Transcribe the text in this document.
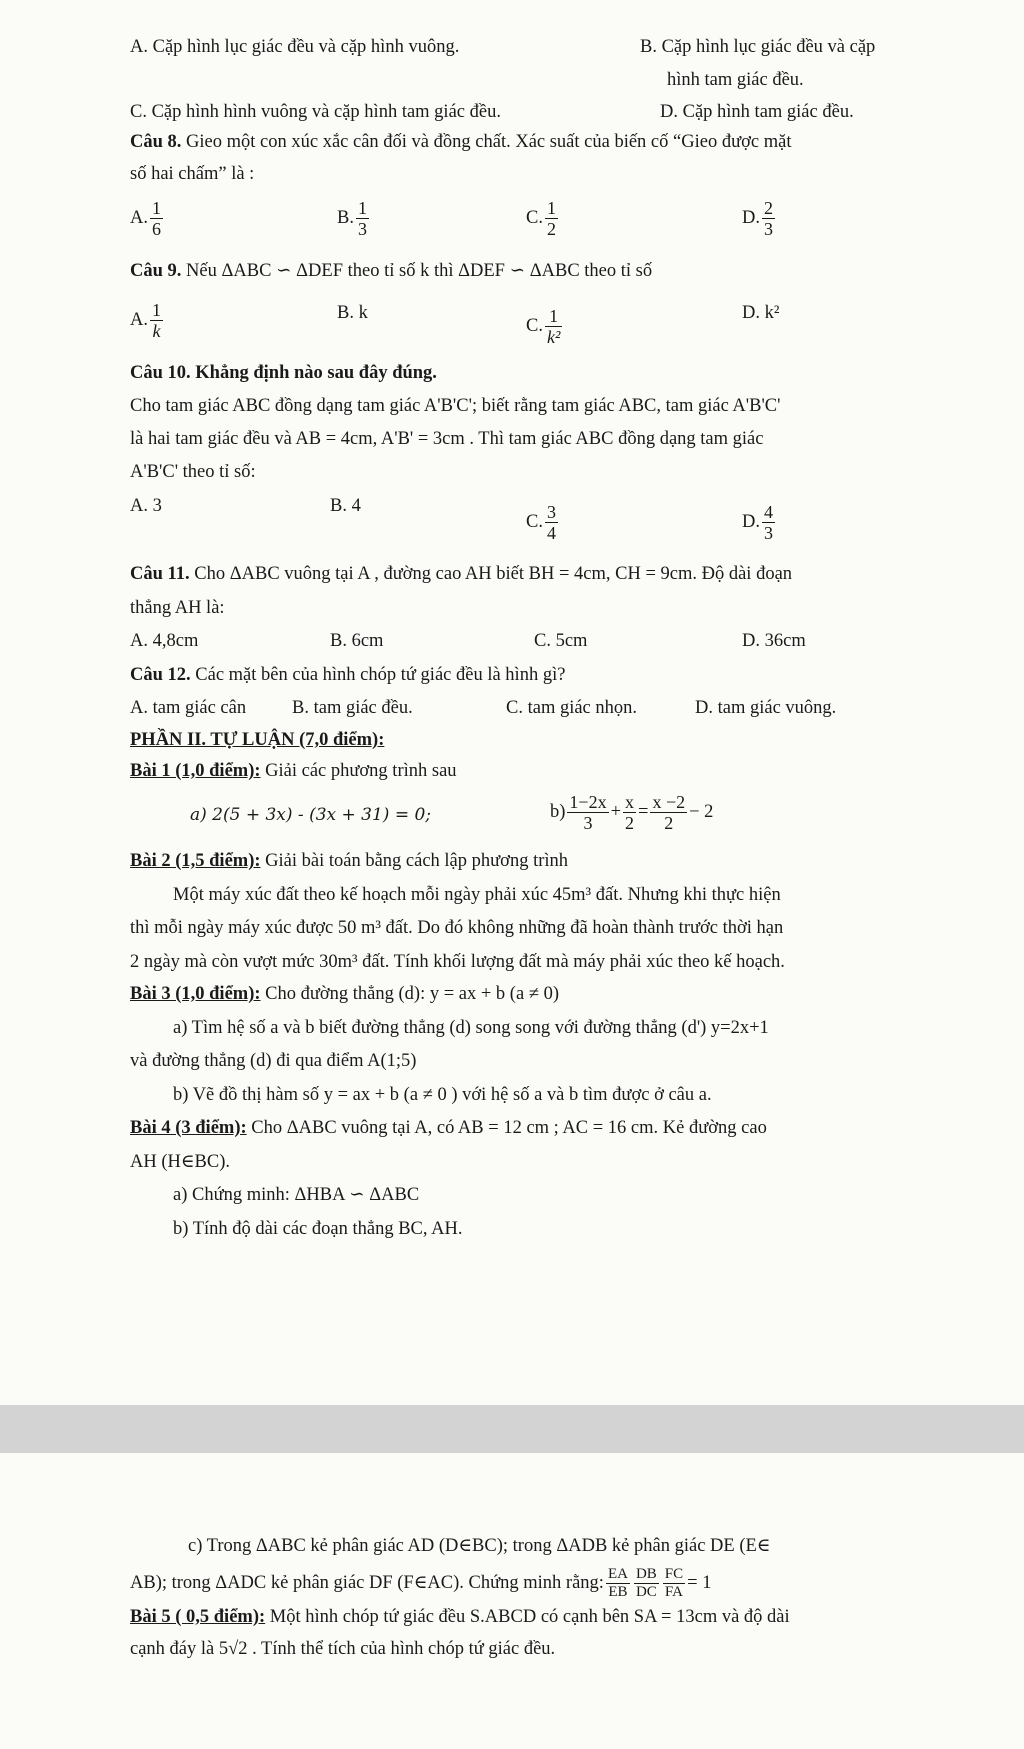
A. Cặp hình lục giác đều và cặp hình vuông.	B. Cặp hình lục giác đều và cặp
hình tam giác đều.
C. Cặp hình hình vuông và cặp hình tam giác đều.	D. Cặp hình tam giác đều.
Câu 8. Gieo một con xúc xắc cân đối và đồng chất. Xác suất của biến cố “Gieo được mặt
số hai chấm” là :
A. $\frac{1}{6}$	B. $\frac{1}{3}$	C. $\frac{1}{2}$	D. $\frac{2}{3}$
Câu 9. Nếu ΔABC ∽ ΔDEF theo tỉ số k thì ΔDEF ∽ ΔABC theo tỉ số
A. $\frac{1}{k}$	B. k
C. $\frac{1}{\text{k²}}$	D. k²
Câu 10. Khẳng định nào sau đây đúng.
Cho tam giác ABC đồng dạng tam giác A'B'C'; biết rằng tam giác ABC, tam giác A'B'C'
là hai tam giác đều và AB = 4cm, A'B' = 3cm . Thì tam giác ABC đồng dạng tam giác
A'B'C' theo tỉ số:
A. 3	B. 4
C. $\frac{3}{4}$	D. $\frac{4}{3}$
Câu 11. Cho ΔABC vuông tại A , đường cao AH biết BH = 4cm, CH = 9cm. Độ dài đoạn
thẳng AH là:
A. 4,8cm	B. 6cm	C. 5cm	D. 36cm
Câu 12. Các mặt bên của hình chóp tứ giác đều là hình gì?
A. tam giác cân B. tam giác đều.	C. tam giác nhọn.	D. tam giác vuông.
PHẦN II. TỰ LUẬN (7,0 điểm):
Bài 1 (1,0 điểm): Giải các phương trình sau
a) 2(5 + 3x) - (3x + 31) = 0;	$b) \frac{1-2x}{3} + \frac{x}{2} = \frac{x -2}{2} - 2$
Bài 2 (1,5 điểm): Giải bài toán bằng cách lập phương trình
Một máy xúc đất theo kế hoạch mỗi ngày phải xúc 45m³ đất. Nhưng khi thực hiện
thì mỗi ngày máy xúc được 50 m³ đất. Do đó không những đã hoàn thành trước thời hạn
2 ngày mà còn vượt mức 30m³ đất. Tính khối lượng đất mà máy phải xúc theo kế hoạch.
Bài 3 (1,0 điểm): Cho đường thẳng (d): y = ax + b (a ≠ 0)
a) Tìm hệ số a và b biết đường thẳng (d) song song với đường thẳng (d') y=2x+1
và đường thẳng (d) đi qua điểm A(1;5)
b) Vẽ đồ thị hàm số y = ax + b (a ≠ 0 ) với hệ số a và b tìm được ở câu a.
Bài 4 (3 điểm): Cho ΔABC vuông tại A, có AB = 12 cm ; AC = 16 cm. Kẻ đường cao
AH (H∈BC).
a) Chứng minh: ΔHBA ∽ ΔABC
b) Tính độ dài các đoạn thẳng BC, AH.
c) Trong ΔABC kẻ phân giác AD (D∈BC); trong ΔADB kẻ phân giác DE (E∈
AB); trong ΔADC kẻ phân giác DF (F∈AC). Chứng minh rằng: $\frac{EA}{EB} \frac{DB}{DC} \frac{FC}{FA} = 1$
Bài 5 ( 0,5 điểm): Một hình chóp tứ giác đều S.ABCD có cạnh bên SA = 13cm và độ dài
cạnh đáy là 5√2 . Tính thể tích của hình chóp tứ giác đều.
